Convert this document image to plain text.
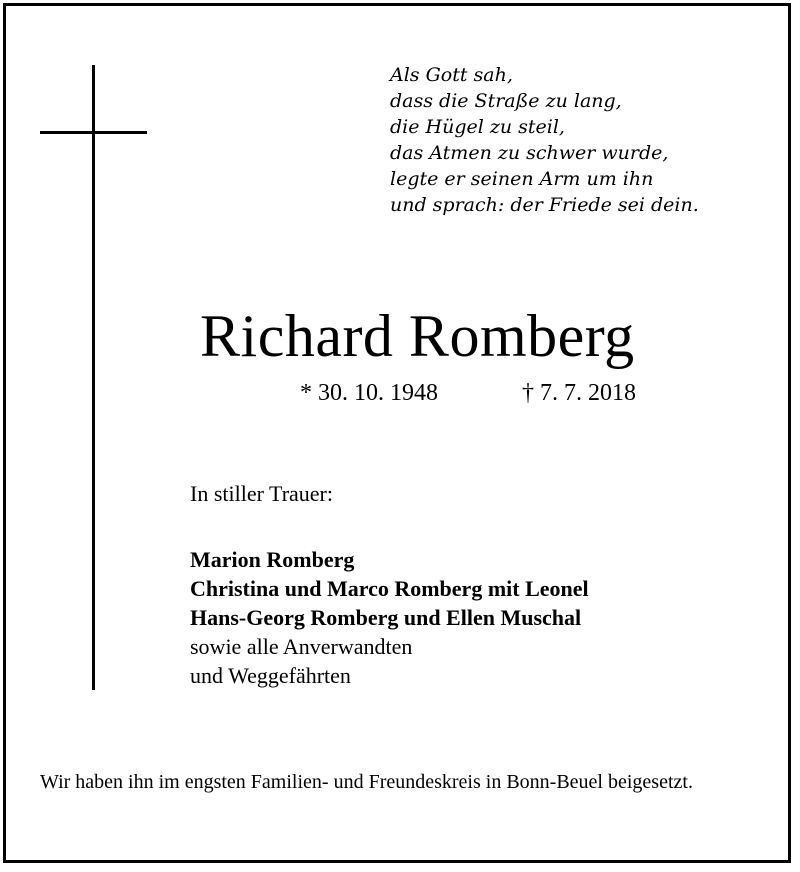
Als Gott sah,
dass die Straße zu lang,
die Hügel zu steil,
das Atmen zu schwer wurde,
legte er seinen Arm um ihn
und sprach: der Friede sei dein.
Richard Romberg
* 30. 10. 1948	† 7. 7. 2018
In stiller Trauer:
Marion Romberg
Christina und Marco Romberg mit Leonel
Hans-Georg Romberg und Ellen Muschal
sowie alle Anverwandten
und Weggefährten
Wir haben ihn im engsten Familien- und Freundeskreis in Bonn-Beuel beigesetzt.
